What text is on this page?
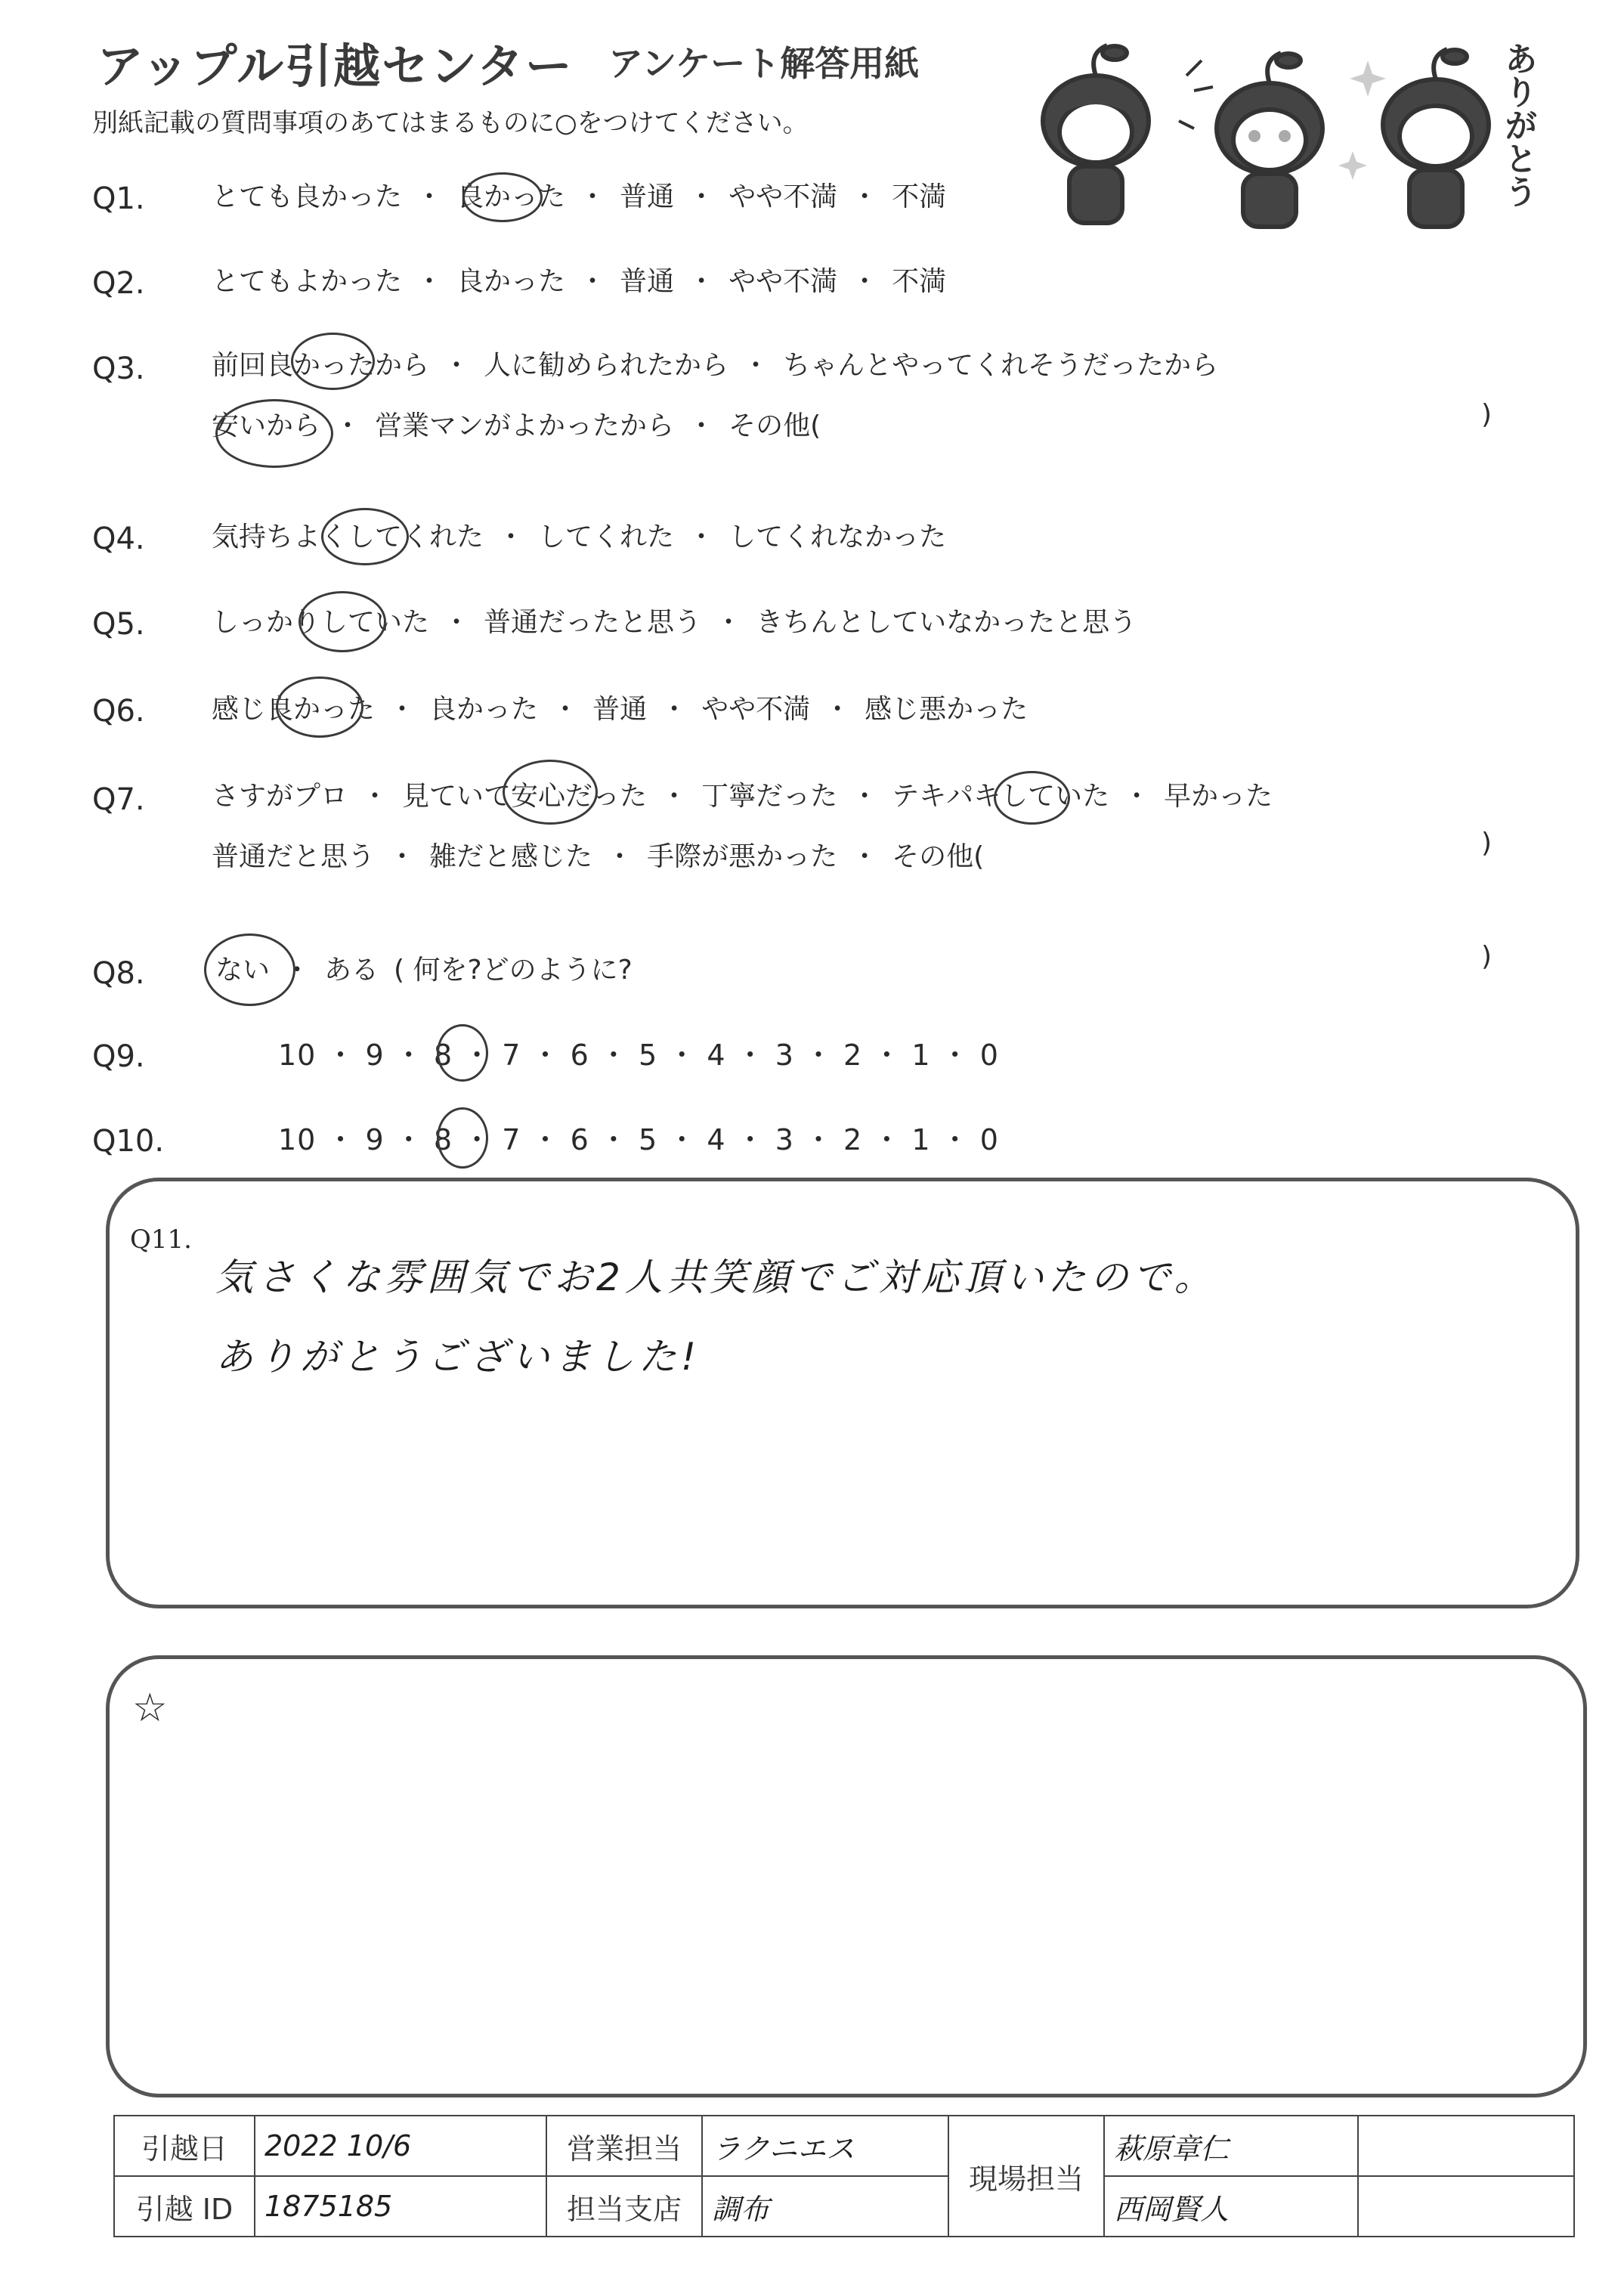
アップル引越センター アンケート解答用紙
別紙記載の質問事項のあてはまるものに○をつけてください。	ありがとう
Q1. とても良かった ・ 良かった ・ 普通 ・ やや不満 ・ 不満
Q2. とてもよかった ・ 良かった ・ 普通 ・ やや不満 ・ 不満
Q3. 前回良かったから ・ 人に勧められたから ・ ちゃんとやってくれそうだったから
安いから ・ 営業マンがよかったから ・ その他(	)
Q4. 気持ちよくしてくれた ・ してくれた ・ してくれなかった
Q5. しっかりしていた ・ 普通だったと思う ・ きちんとしていなかったと思う
Q6. 感じ良かった ・ 良かった ・ 普通 ・ やや不満 ・ 感じ悪かった
Q7. さすがプロ ・ 見ていて安心だった ・ 丁寧だった ・ テキパキしていた ・ 早かった
普通だと思う ・ 雑だと感じた ・ 手際が悪かった ・ その他(	)
Q8.	ない ・ ある ( 何を?どのように?	)
Q9.	10 ・ 9 ・ 8 ・ 7 ・ 6 ・ 5 ・ 4 ・ 3 ・ 2 ・ 1 ・ 0
Q10.	10 ・ 9 ・ 8 ・ 7 ・ 6 ・ 5 ・ 4 ・ 3 ・ 2 ・ 1 ・ 0
Q11.
気さくな雰囲気でお2人共笑顔でご対応頂いたので。
ありがとうございました!
☆
引越日	2022 10/6	営業担当	ラクニエス	現場担当	萩原章仁	
引越 ID	1875185	担当支店	調布		西岡賢人	
